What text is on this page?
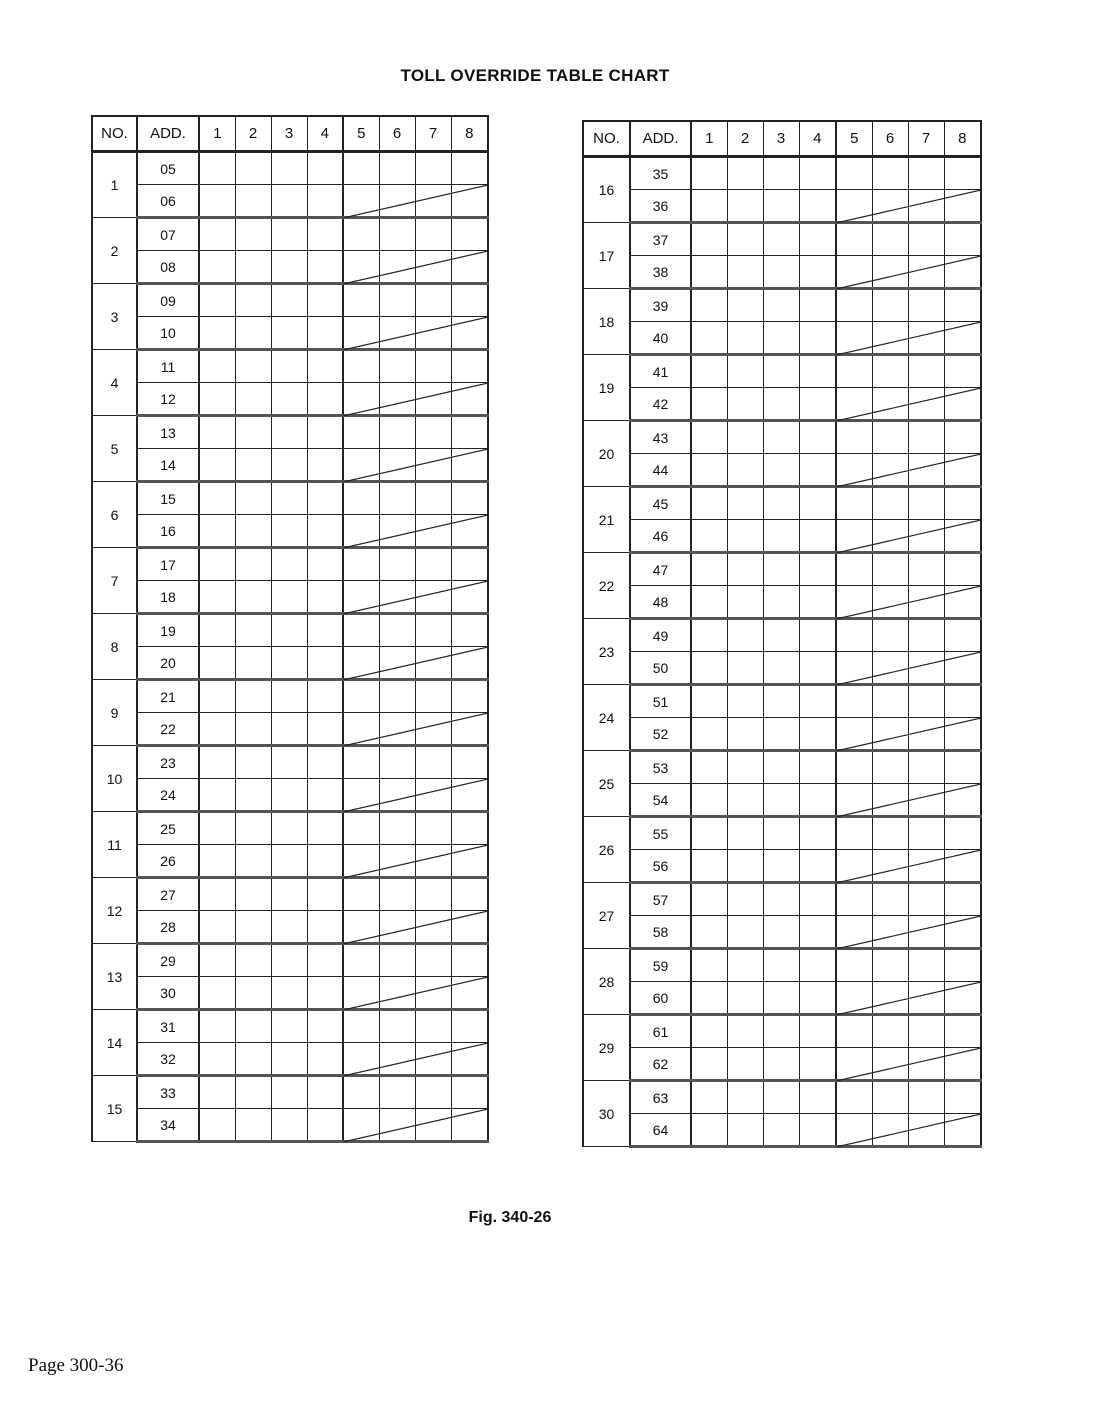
TOLL OVERRIDE TABLE CHART
NO.	ADD.	1	2	3	4	5	6	7	8
1	05								
	06								
2	07								
	08								
3	09								
	10								
4	11								
	12								
5	13								
	14								
6	15								
	16								
7	17								
	18								
8	19								
	20								
9	21								
	22								
10	23								
	24								
11	25								
	26								
12	27								
	28								
13	29								
	30								
14	31								
	32								
15	33								
	34								
NO.	ADD.	1	2	3	4	5	6	7	8
16	35								
	36								
17	37								
	38								
18	39								
	40								
19	41								
	42								
20	43								
	44								
21	45								
	46								
22	47								
	48								
23	49								
	50								
24	51								
	52								
25	53								
	54								
26	55								
	56								
27	57								
	58								
28	59								
	60								
29	61								
	62								
30	63								
	64								
Fig. 340-26
Page 300-36
